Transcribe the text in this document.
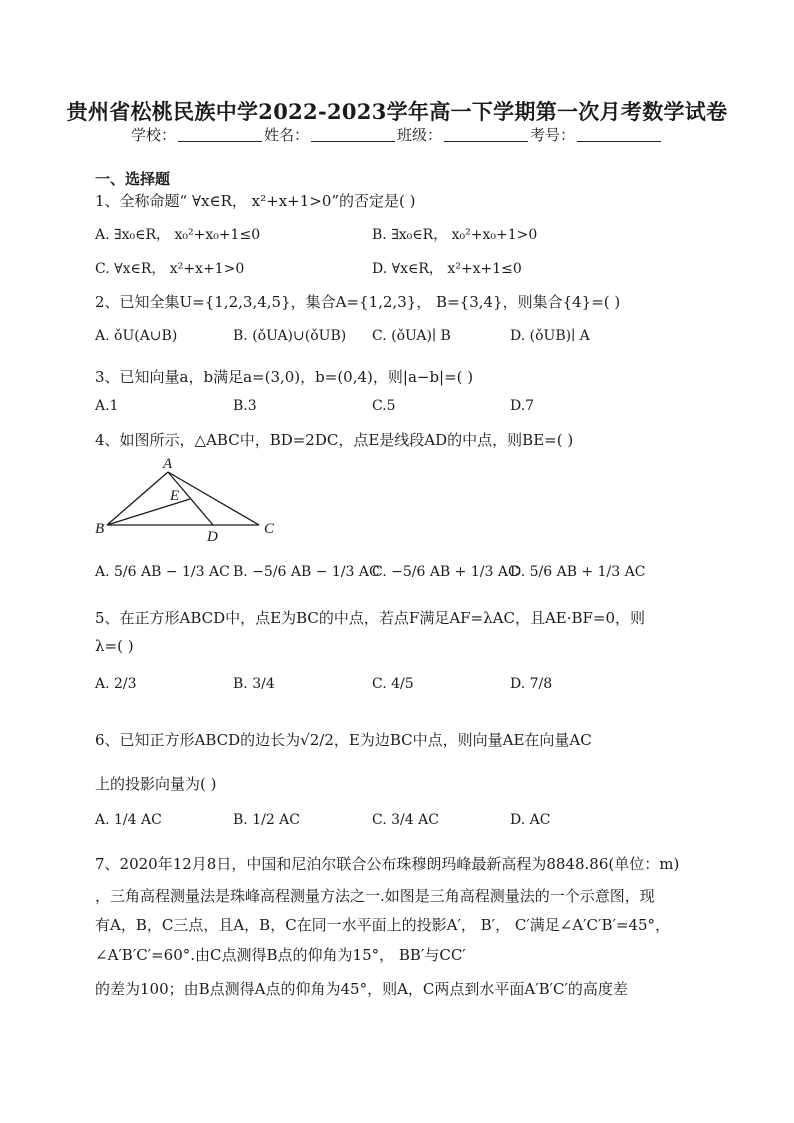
贵州省松桃民族中学2022-2023学年高一下学期第一次月考数学试卷
学校：	姓名：	班级：	考号：
一、选择题
1、全称命题“ ∀x∈R， x²+x+1>0”的否定是( )
A. ∃x₀∈R， x₀²+x₀+1≤0	B. ∃x₀∈R， x₀²+x₀+1>0
C. ∀x∈R， x²+x+1>0	D. ∀x∈R， x²+x+1≤0
2、已知全集U={1,2,3,4,5}，集合A={1,2,3}， B={3,4}，则集合{4}=( )
A. ǒU(A∪B)	B. (ǒUA)∪(ǒUB) C. (ǒUA)∣ B	D. (ǒUB)∣ A
3、已知向量a，b满足a=(3,0)，b=(0,4)，则|a−b|=( )
A.1	B.3	C.5	D.7
4、如图所示，△ABC中，BD=2DC，点E是线段AD的中点，则BE=( )
A
B	C
D
E
A. 5/6 AB − 1/3 AC B. −5/6 AB − 1/3 AC
C. −5/6 AB + 1/3 AC
D. 5/6 AB + 1/3 AC
5、在正方形ABCD中，点E为BC的中点，若点F满足AF=λAC，且AE·BF=0，则
λ=( )
A. 2/3	B. 3/4	C. 4/5	D. 7/8
6、已知正方形ABCD的边长为√2/2，E为边BC中点，则向量AE在向量AC
上的投影向量为( )
A. 1/4 AC	B. 1/2 AC	C. 3/4 AC	D. AC
7、2020年12月8日，中国和尼泊尔联合公布珠穆朗玛峰最新高程为8848.86(单位：m)
，三角高程测量法是珠峰高程测量方法之一.如图是三角高程测量法的一个示意图，现
有A，B，C三点，且A，B，C在同一水平面上的投影A′， B′， C′满足∠A′C′B′=45°，
∠A′B′C′=60°.由C点测得B点的仰角为15°， BB′与CC′
的差为100；由B点测得A点的仰角为45°，则A，C两点到水平面A′B′C′的高度差
